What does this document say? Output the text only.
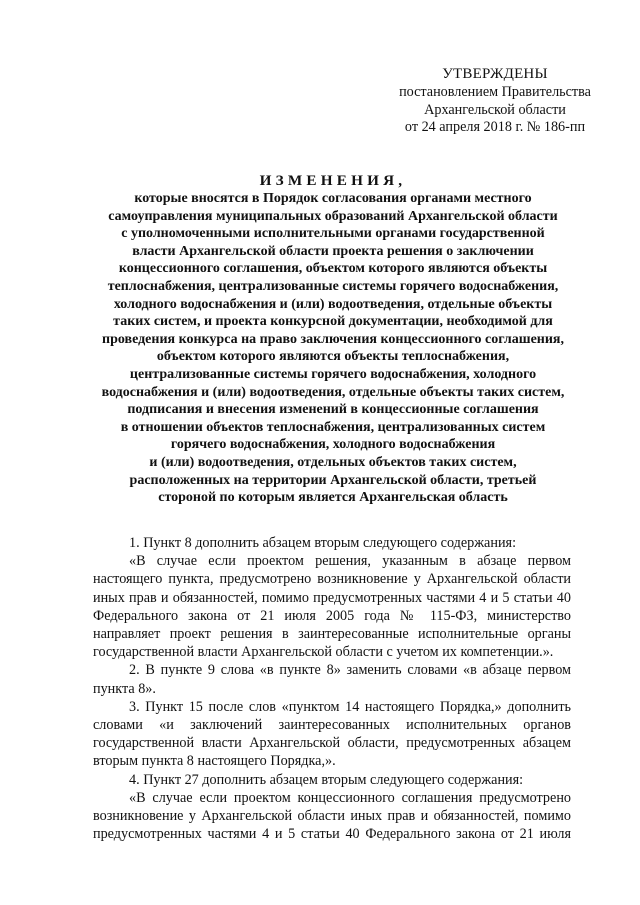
УТВЕРЖДЕНЫ
постановлением Правительства
Архангельской области
от 24 апреля 2018 г. № 186-пп
ИЗМЕНЕНИЯ,
которые вносятся в Порядок согласования органами местного
самоуправления муниципальных образований Архангельской области
с уполномоченными исполнительными органами государственной
власти Архангельской области проекта решения о заключении
концессионного соглашения, объектом которого являются объекты
теплоснабжения, централизованные системы горячего водоснабжения,
холодного водоснабжения и (или) водоотведения, отдельные объекты
таких систем, и проекта конкурсной документации, необходимой для
проведения конкурса на право заключения концессионного соглашения,
объектом которого являются объекты теплоснабжения,
централизованные системы горячего водоснабжения, холодного
водоснабжения и (или) водоотведения, отдельные объекты таких систем,
подписания и внесения изменений в концессионные соглашения
в отношении объектов теплоснабжения, централизованных систем
горячего водоснабжения, холодного водоснабжения
и (или) водоотведения, отдельных объектов таких систем,
расположенных на территории Архангельской области, третьей
стороной по которым является Архангельская область

1. Пункт 8 дополнить абзацем вторым следующего содержания:

«В случае если проектом решения, указанным в абзаце первом настоящего пункта, предусмотрено возникновение у Архангельской области иных прав и обязанностей, помимо предусмотренных частями 4 и 5 статьи 40 Федерального закона от 21 июля 2005 года № 115-ФЗ, министерство направляет проект решения в заинтересованные исполнительные органы государственной власти Архангельской области с учетом их компетенции.».

2. В пункте 9 слова «в пункте 8» заменить словами «в абзаце первом пункта 8».

3. Пункт 15 после слов «пунктом 14 настоящего Порядка,» дополнить словами «и заключений заинтересованных исполнительных органов государственной власти Архангельской области, предусмотренных абзацем вторым пункта 8 настоящего Порядка,».

4. Пункт 27 дополнить абзацем вторым следующего содержания:

«В случае если проектом концессионного соглашения предусмотрено возникновение у Архангельской области иных прав и обязанностей, помимо предусмотренных частями 4 и 5 статьи 40 Федерального закона от 21 июля
